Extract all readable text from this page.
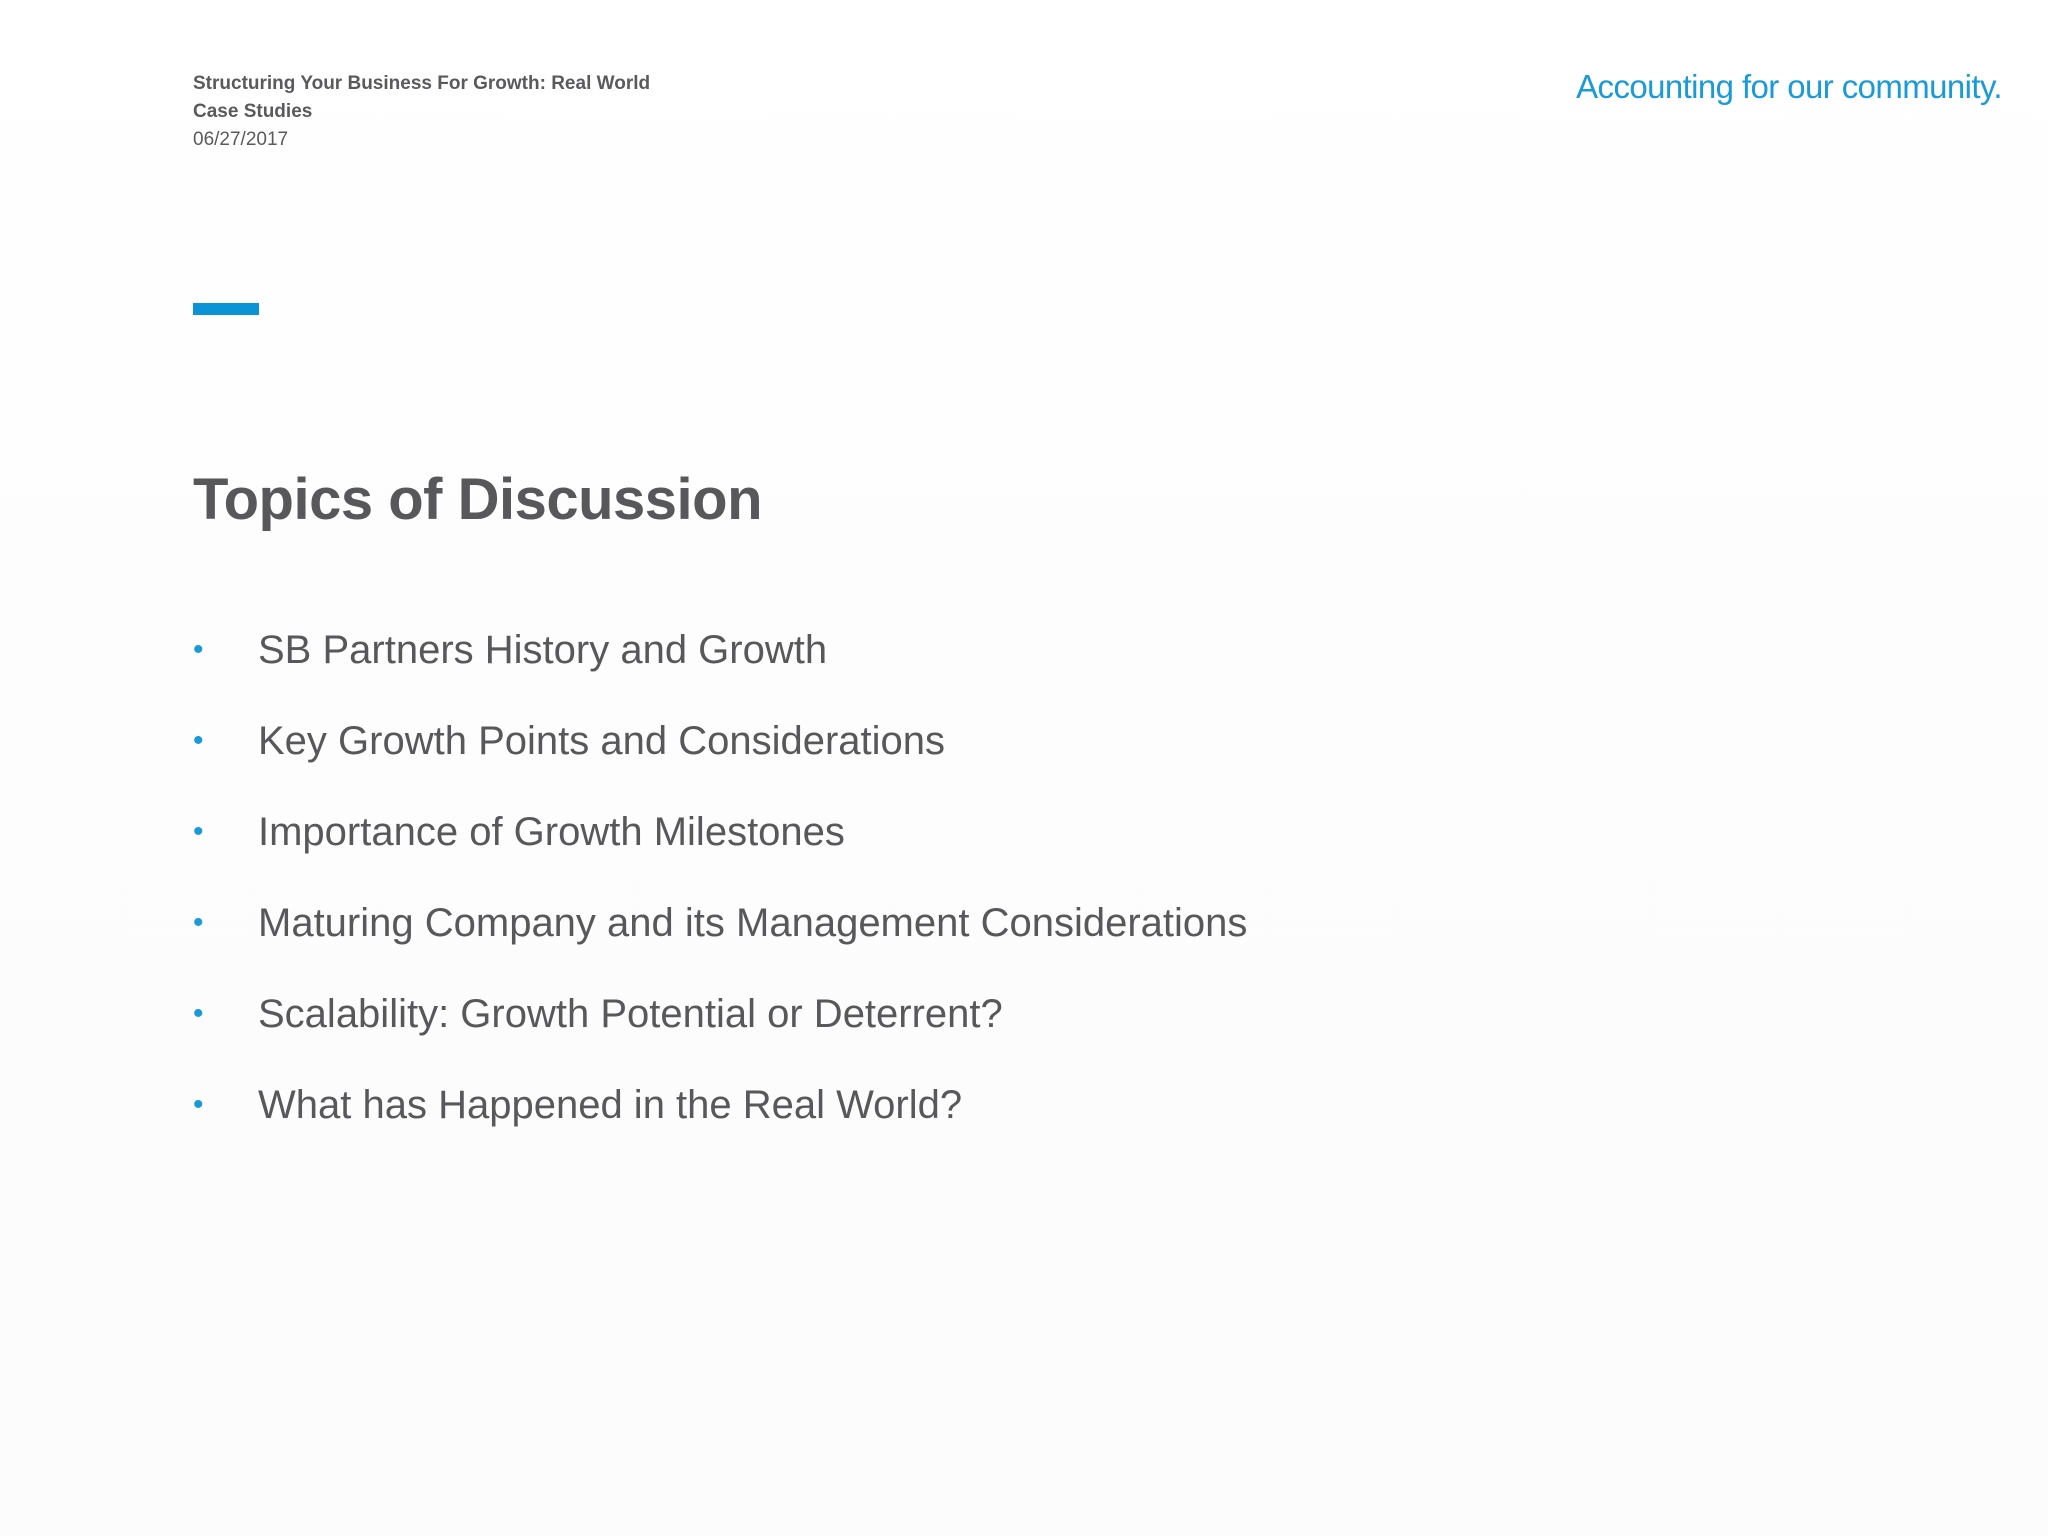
Structuring Your Business For Growth: Real World Case Studies
06/27/2017
Accounting for our community.
Topics of Discussion
•	SB Partners History and Growth
•	Key Growth Points and Considerations
•	Importance of Growth Milestones
•	Maturing Company and its Management Considerations
•	Scalability: Growth Potential or Deterrent?
•	What has Happened in the Real World?
